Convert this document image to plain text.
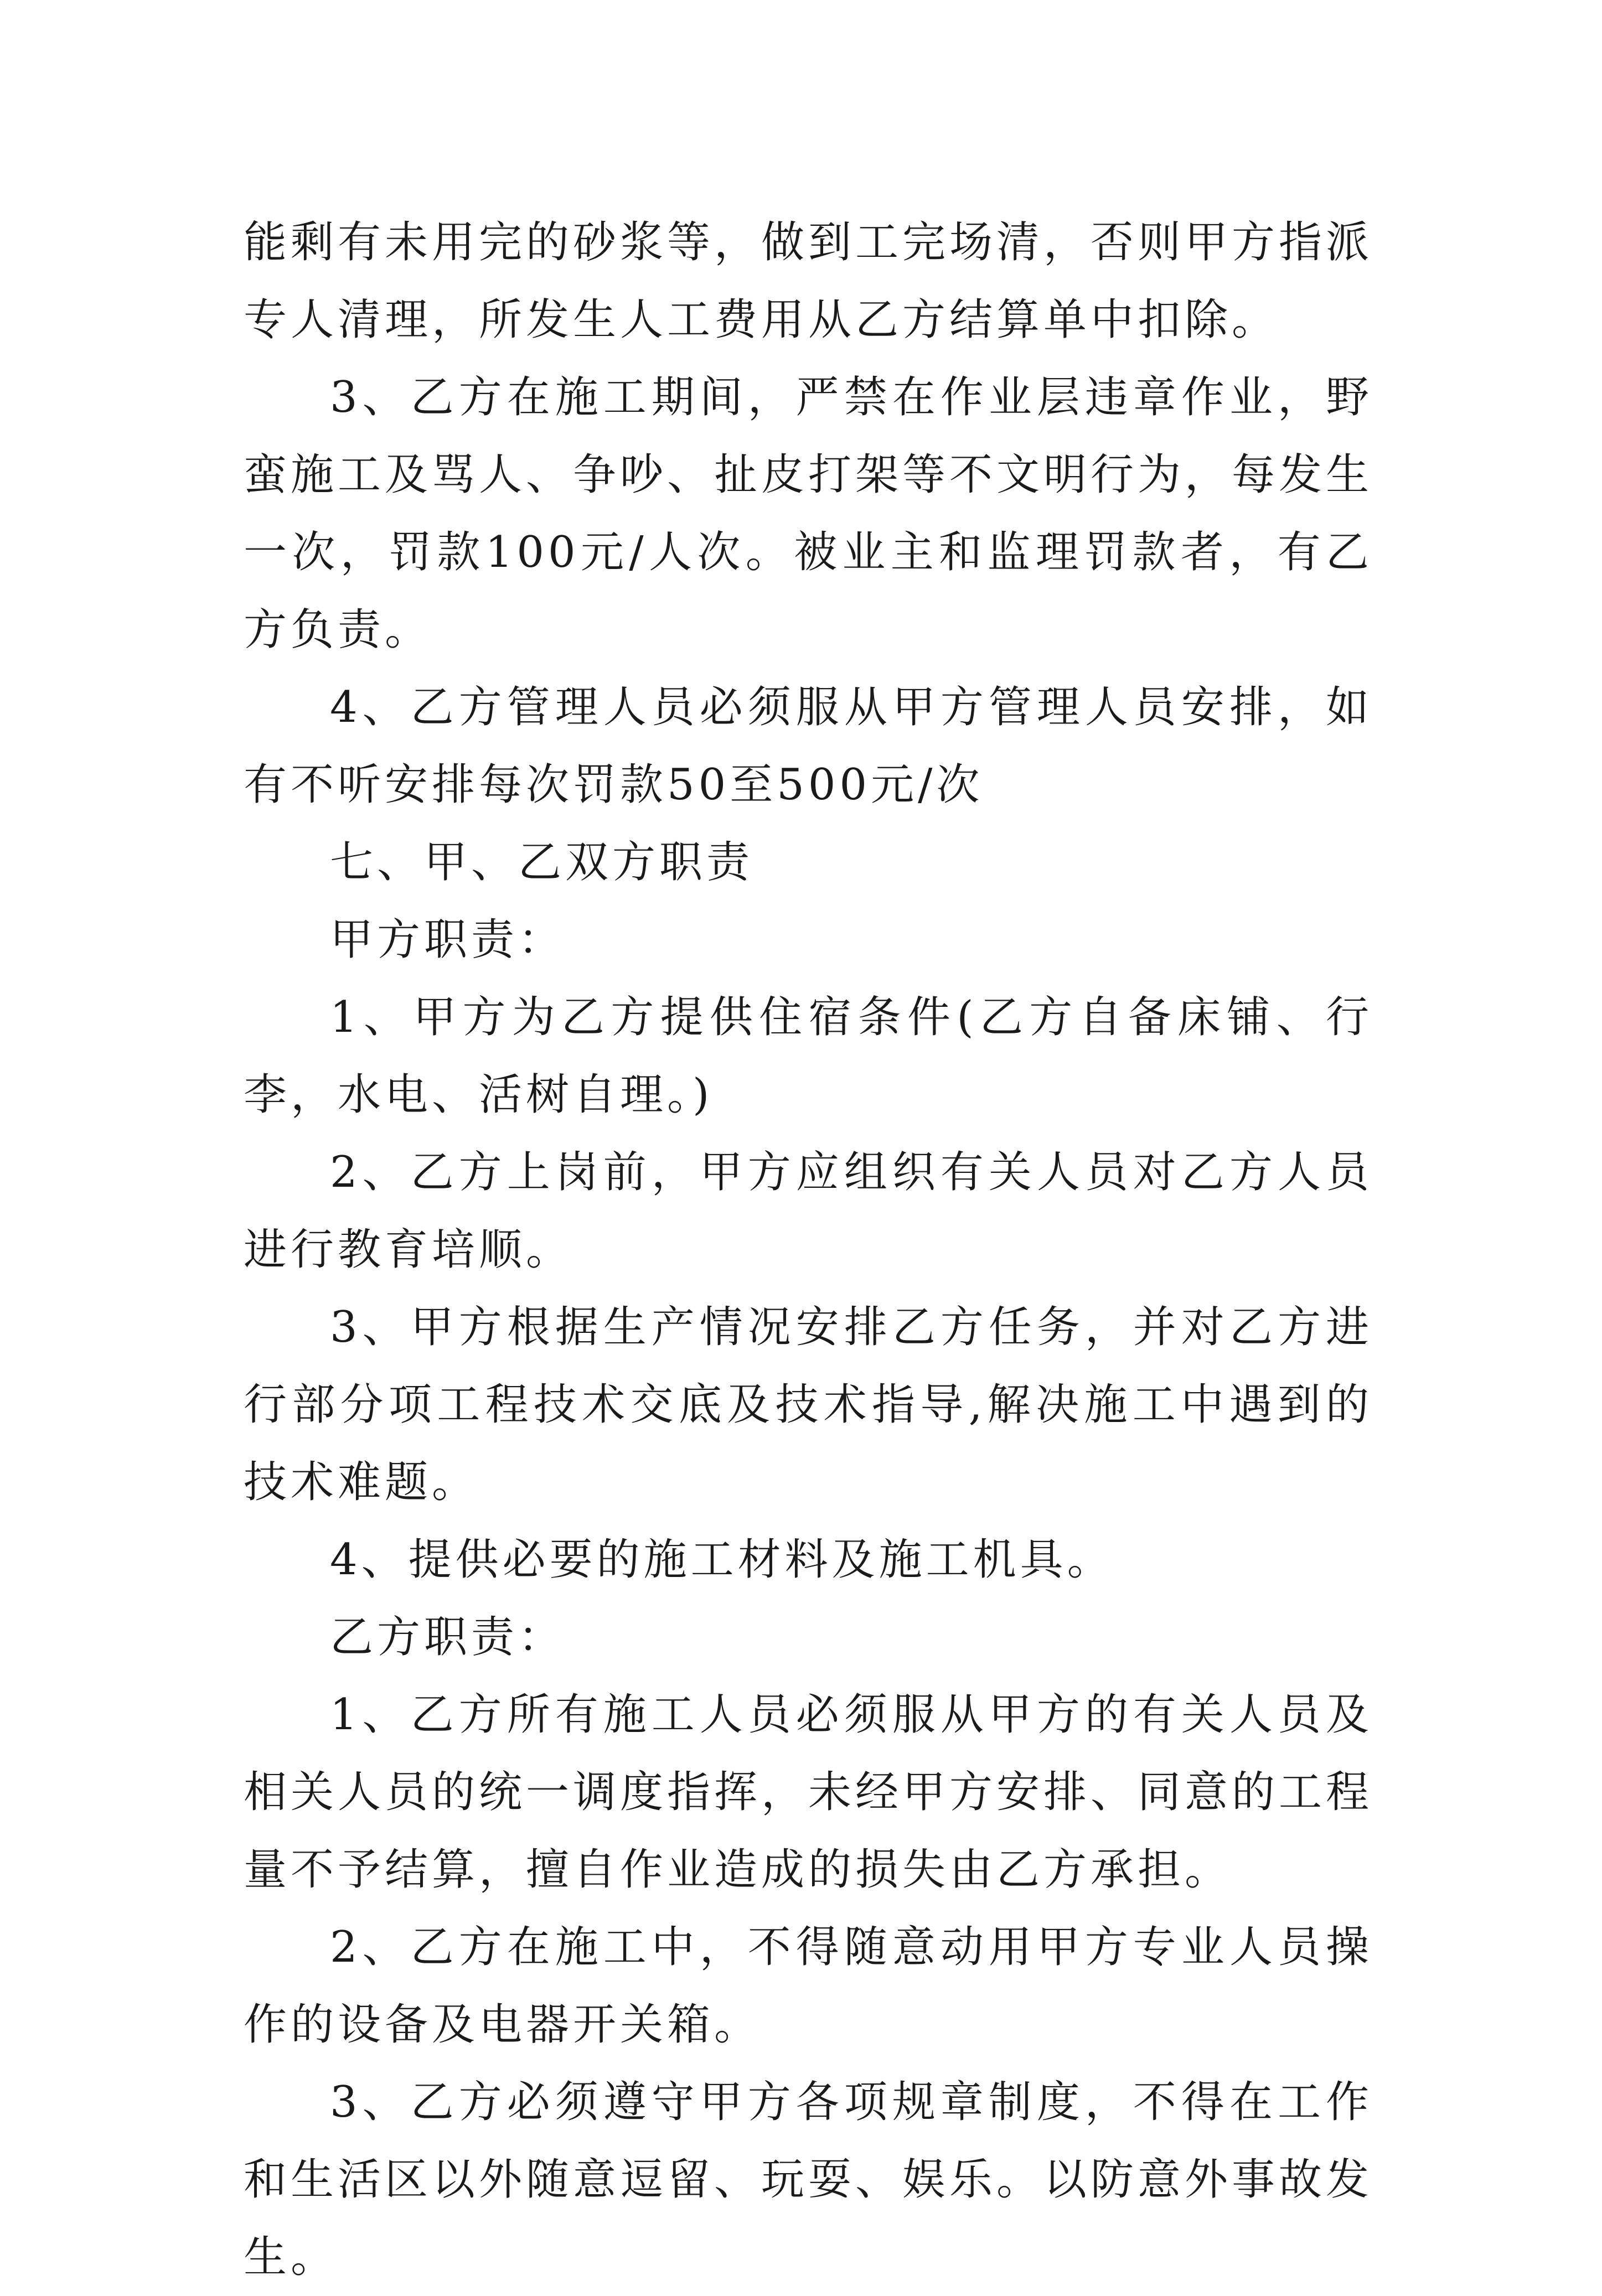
能剩有未用完的砂浆等，做到工完场清，否则甲方指派专人清理，所发生人工费用从乙方结算单中扣除。

3、乙方在施工期间，严禁在作业层违章作业，野蛮施工及骂人、争吵、扯皮打架等不文明行为，每发生一次，罚款100元/人次。被业主和监理罚款者，有乙方负责。

4、乙方管理人员必须服从甲方管理人员安排，如有不听安排每次罚款50至500元/次

七、甲、乙双方职责

甲方职责：

1、甲方为乙方提供住宿条件(乙方自备床铺、行李，水电、活树自理。)

2、乙方上岗前，甲方应组织有关人员对乙方人员进行教育培顺。

3、甲方根据生产情况安排乙方任务，并对乙方进行部分项工程技术交底及技术指导,解决施工中遇到的技术难题。

4、提供必要的施工材料及施工机具。

乙方职责：

1、乙方所有施工人员必须服从甲方的有关人员及相关人员的统一调度指挥，未经甲方安排、同意的工程量不予结算，擅自作业造成的损失由乙方承担。

2、乙方在施工中，不得随意动用甲方专业人员操作的设备及电器开关箱。

3、乙方必须遵守甲方各项规章制度，不得在工作和生活区以外随意逗留、玩耍、娱乐。以防意外事故发生。
